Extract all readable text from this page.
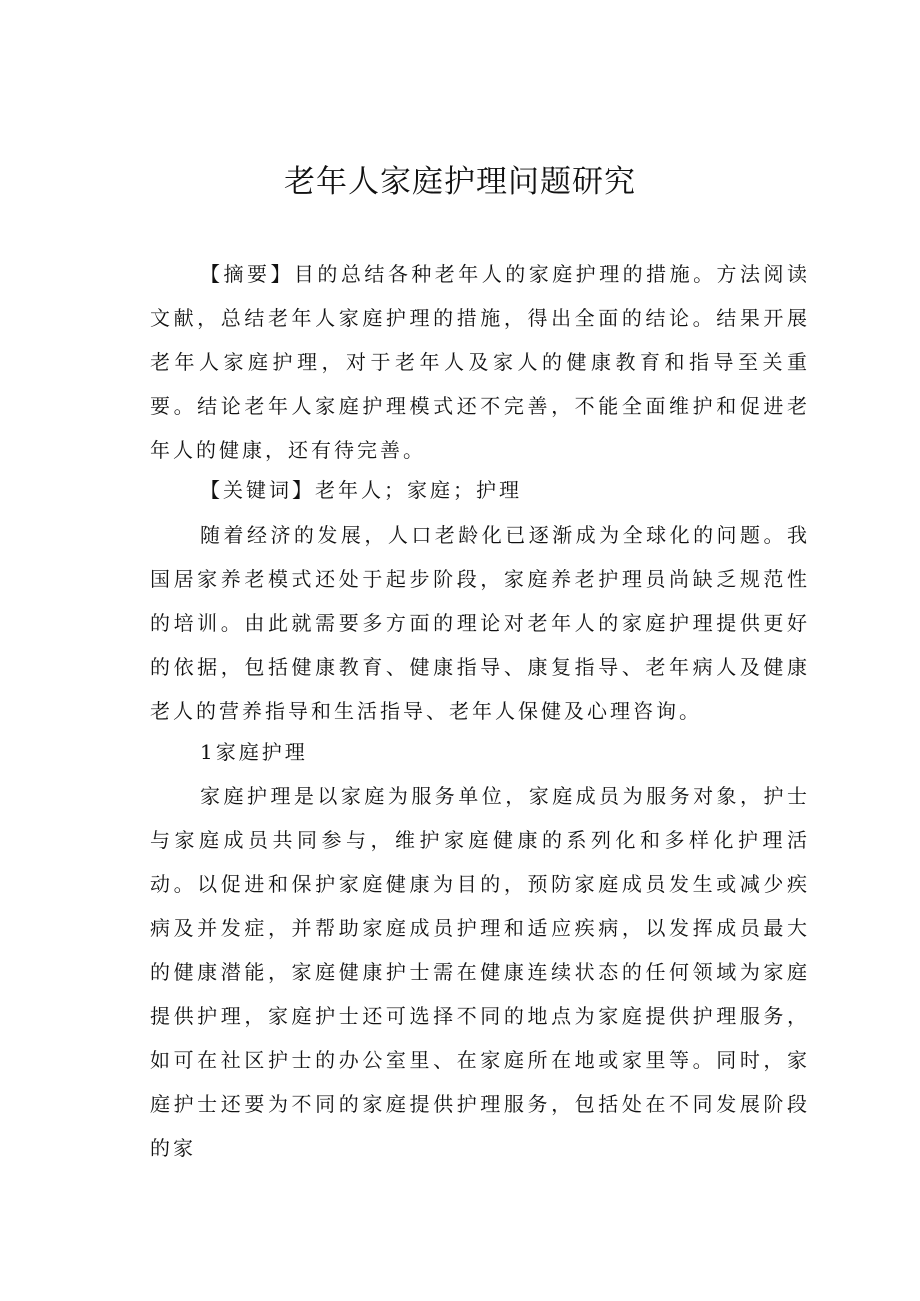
老年人家庭护理问题研究

【摘要】目的总结各种老年人的家庭护理的措施。方法阅读文献，总结老年人家庭护理的措施，得出全面的结论。结果开展老年人家庭护理，对于老年人及家人的健康教育和指导至关重要。结论老年人家庭护理模式还不完善，不能全面维护和促进老年人的健康，还有待完善。

【关键词】老年人；家庭；护理

随着经济的发展，人口老龄化已逐渐成为全球化的问题。我国居家养老模式还处于起步阶段，家庭养老护理员尚缺乏规范性的培训。由此就需要多方面的理论对老年人的家庭护理提供更好的依据，包括健康教育、健康指导、康复指导、老年病人及健康老人的营养指导和生活指导、老年人保健及心理咨询。

1家庭护理

家庭护理是以家庭为服务单位，家庭成员为服务对象，护士与家庭成员共同参与，维护家庭健康的系列化和多样化护理活动。以促进和保护家庭健康为目的，预防家庭成员发生或减少疾病及并发症，并帮助家庭成员护理和适应疾病，以发挥成员最大的健康潜能，家庭健康护士需在健康连续状态的任何领域为家庭提供护理，家庭护士还可选择不同的地点为家庭提供护理服务，如可在社区护士的办公室里、在家庭所在地或家里等。同时，家庭护士还要为不同的家庭提供护理服务，包括处在不同发展阶段的家
